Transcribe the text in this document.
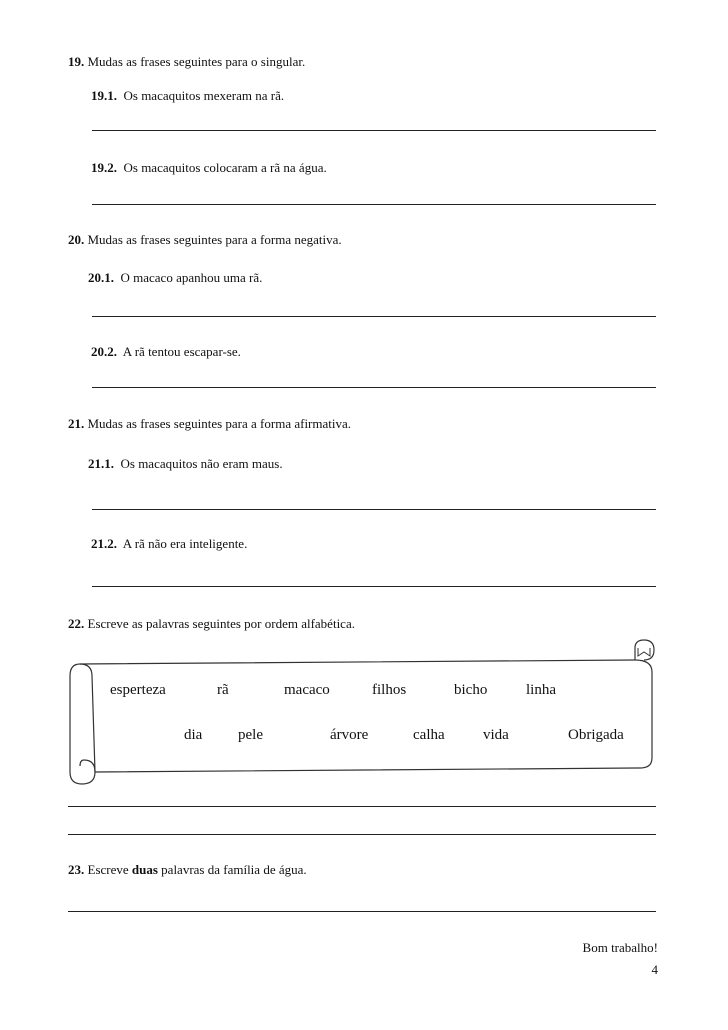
19. Mudas as frases seguintes para o singular.
19.1. Os macaquitos mexeram na rã.
19.2. Os macaquitos colocaram a rã na água.
20. Mudas as frases seguintes para a forma negativa.
20.1. O macaco apanhou uma rã.
20.2. A rã tentou escapar-se.
21. Mudas as frases seguintes para a forma afirmativa.
21.1. Os macaquitos não eram maus.
21.2. A rã não era inteligente.
22. Escreve as palavras seguintes por ordem alfabética.
esperteza	rã	macaco	filhos	bicho	linha
dia pele	árvore	calha	vida	Obrigada
23. Escreve duas palavras da família de água.
Bom trabalho!
4
